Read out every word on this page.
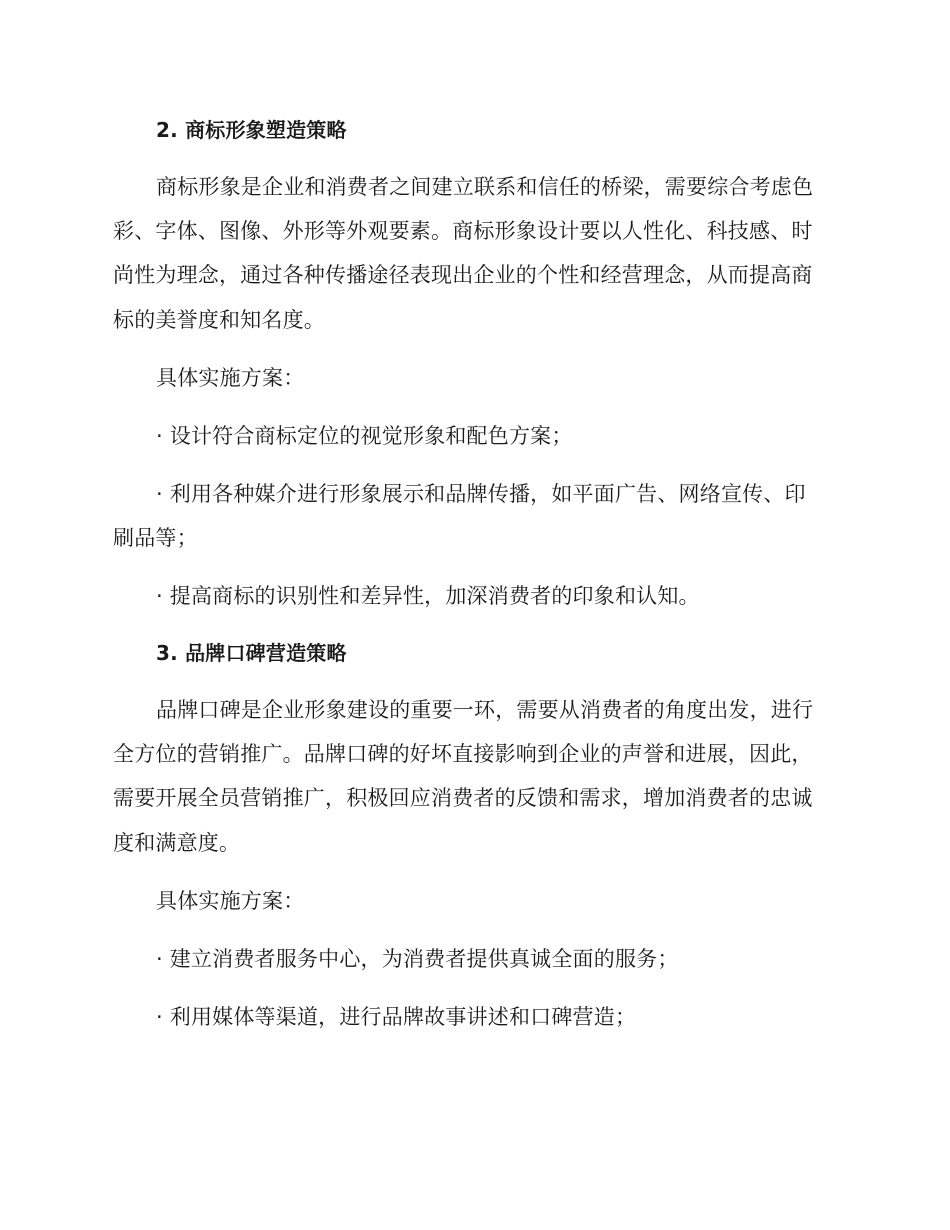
2. 商标形象塑造策略
商标形象是企业和消费者之间建立联系和信任的桥梁，需要综合考虑色
彩、字体、图像、外形等外观要素。商标形象设计要以人性化、科技感、时
尚性为理念，通过各种传播途径表现出企业的个性和经营理念，从而提高商
标的美誉度和知名度。
具体实施方案：
· 设计符合商标定位的视觉形象和配色方案；
· 利用各种媒介进行形象展示和品牌传播，如平面广告、网络宣传、印
刷品等；
· 提高商标的识别性和差异性，加深消费者的印象和认知。
3. 品牌口碑营造策略
品牌口碑是企业形象建设的重要一环，需要从消费者的角度出发，进行
全方位的营销推广。品牌口碑的好坏直接影响到企业的声誉和进展，因此，
需要开展全员营销推广，积极回应消费者的反馈和需求，增加消费者的忠诚
度和满意度。
具体实施方案：
· 建立消费者服务中心，为消费者提供真诚全面的服务；
· 利用媒体等渠道，进行品牌故事讲述和口碑营造；
